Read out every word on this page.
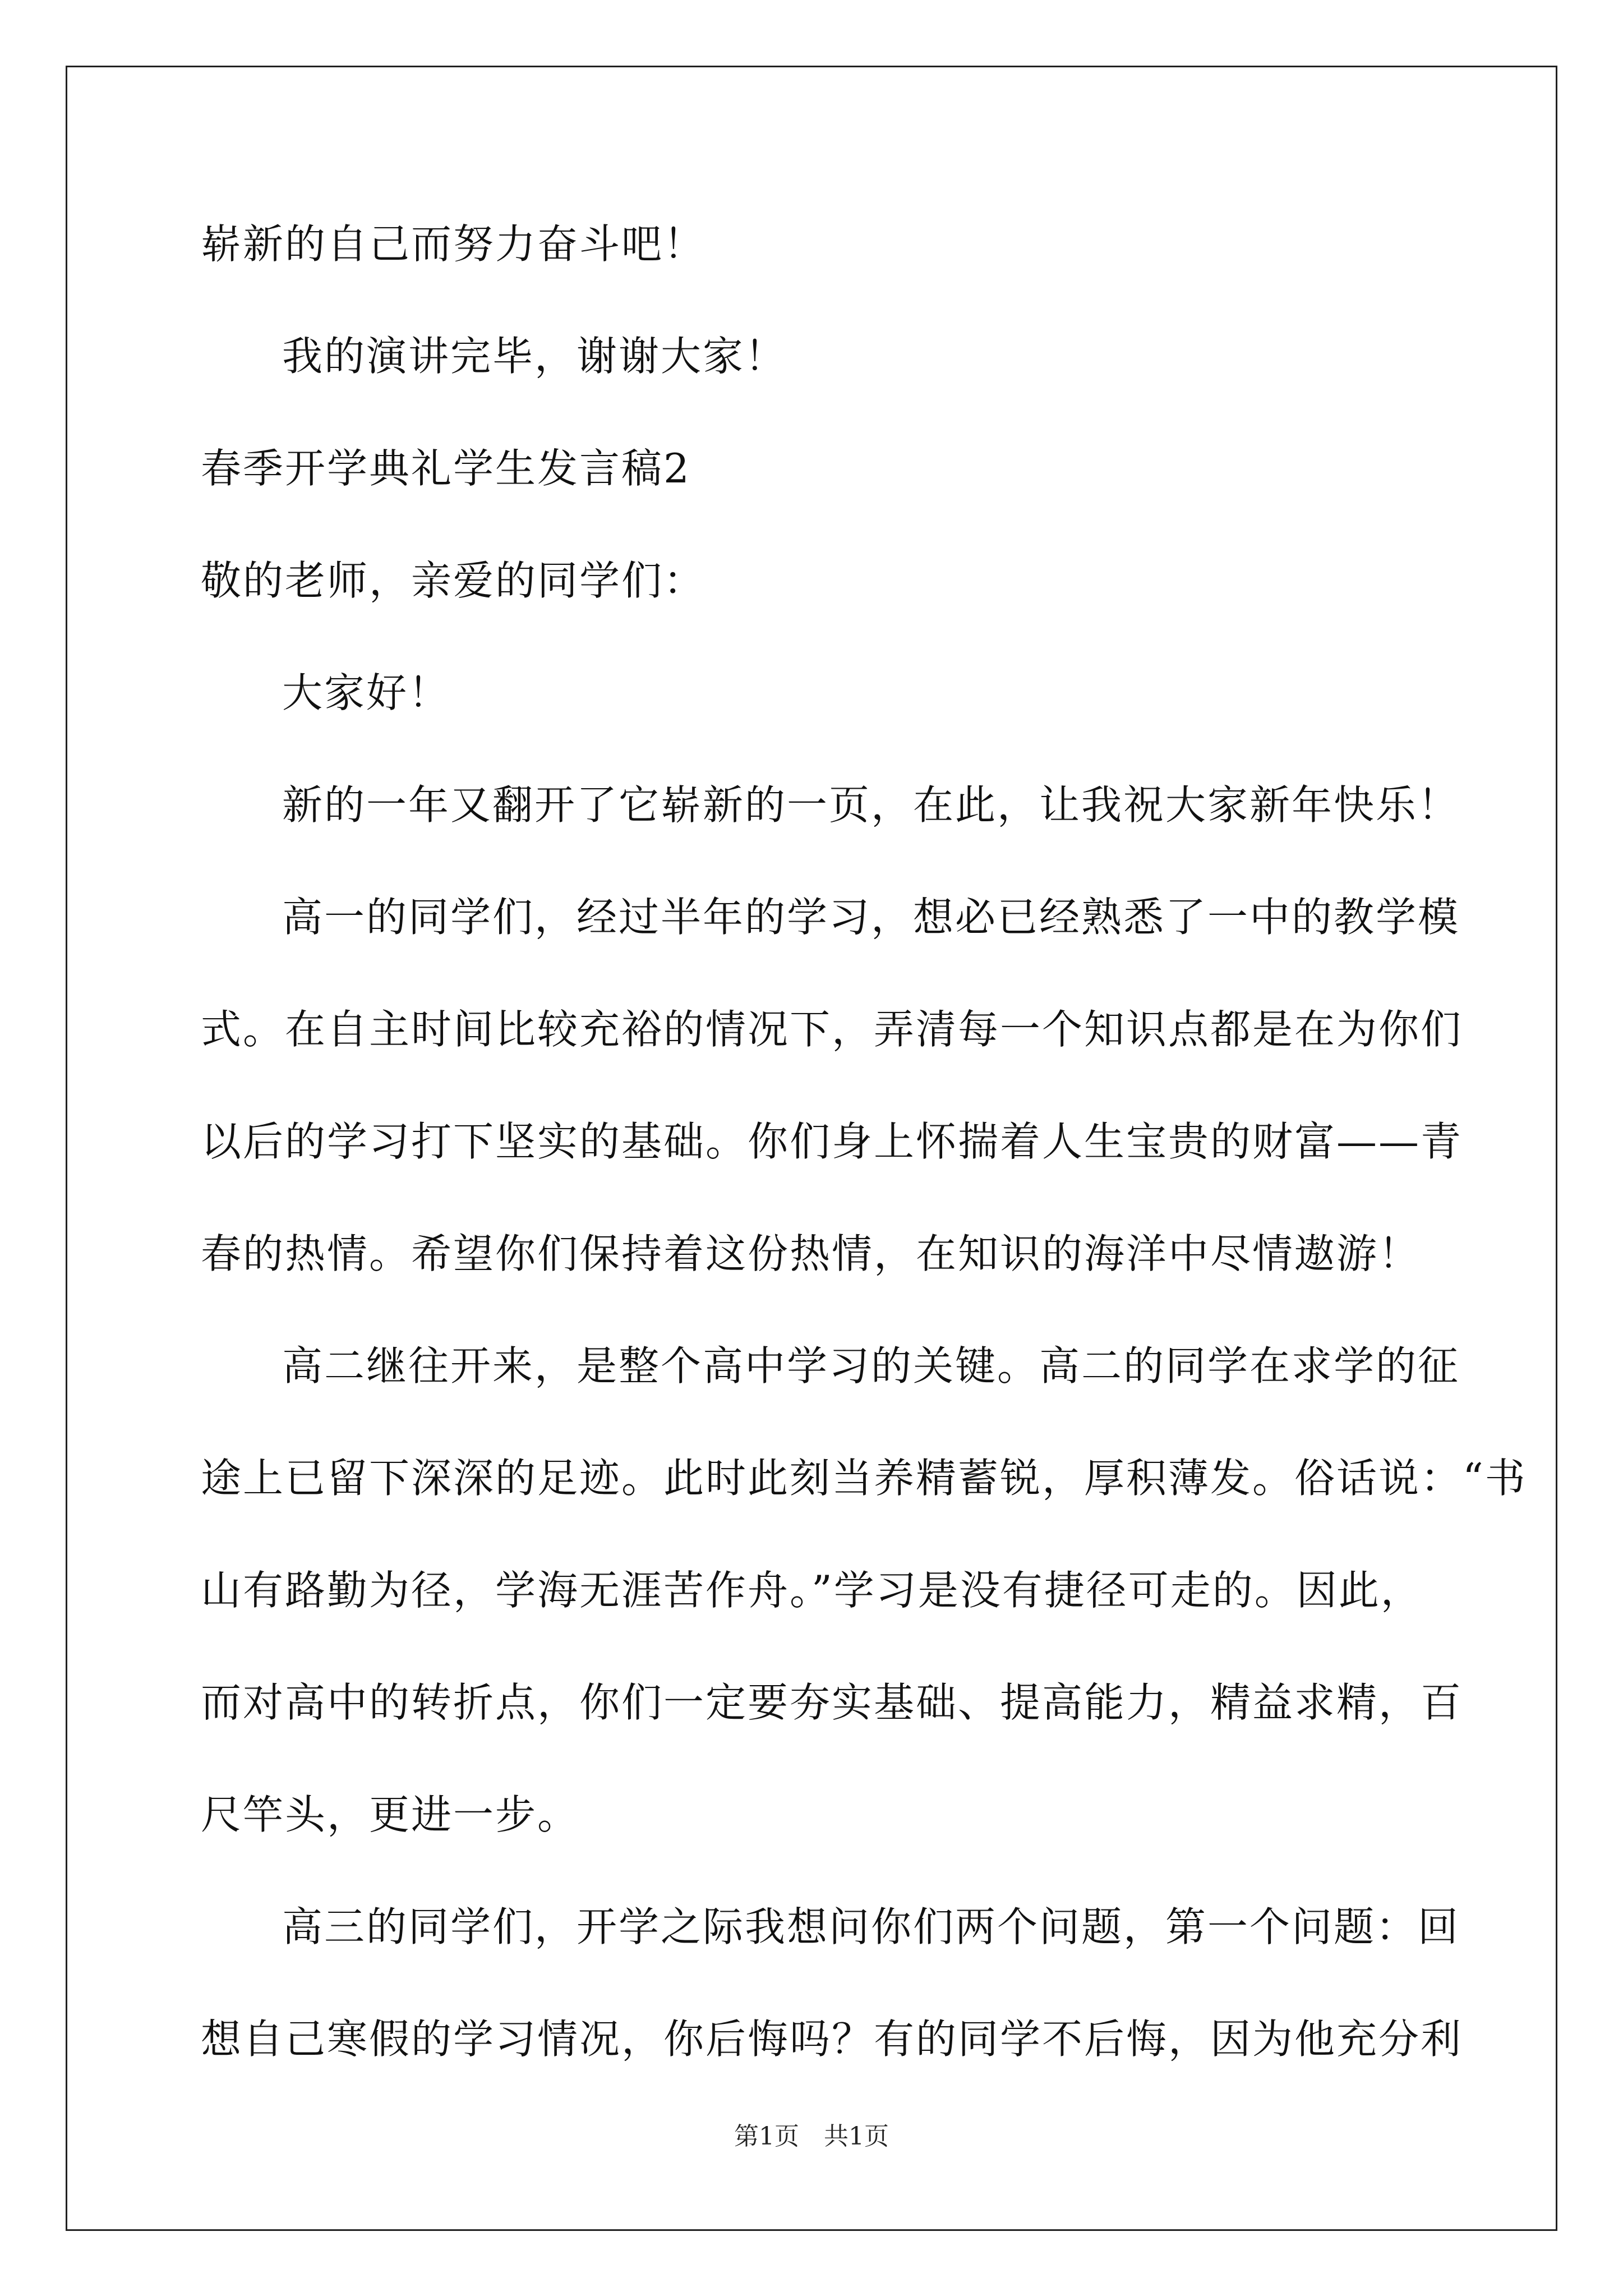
崭新的自己而努力奋斗吧！
我的演讲完毕，谢谢大家！
春季开学典礼学生发言稿2
敬的老师，亲爱的同学们：
大家好！
新的一年又翻开了它崭新的一页，在此，让我祝大家新年快乐！
高一的同学们，经过半年的学习，想必已经熟悉了一中的教学模
式。在自主时间比较充裕的情况下，弄清每一个知识点都是在为你们
以后的学习打下坚实的基础。你们身上怀揣着人生宝贵的财富——青
春的热情。希望你们保持着这份热情，在知识的海洋中尽情遨游！
高二继往开来，是整个高中学习的关键。高二的同学在求学的征
途上已留下深深的足迹。此时此刻当养精蓄锐，厚积薄发。俗话说：“书
山有路勤为径，学海无涯苦作舟。”学习是没有捷径可走的。因此，
而对高中的转折点，你们一定要夯实基础、提高能力，精益求精，百
尺竿头，更进一步。
高三的同学们，开学之际我想问你们两个问题，第一个问题：回
想自己寒假的学习情况，你后悔吗？有的同学不后悔，因为他充分利
第1页　共1页
